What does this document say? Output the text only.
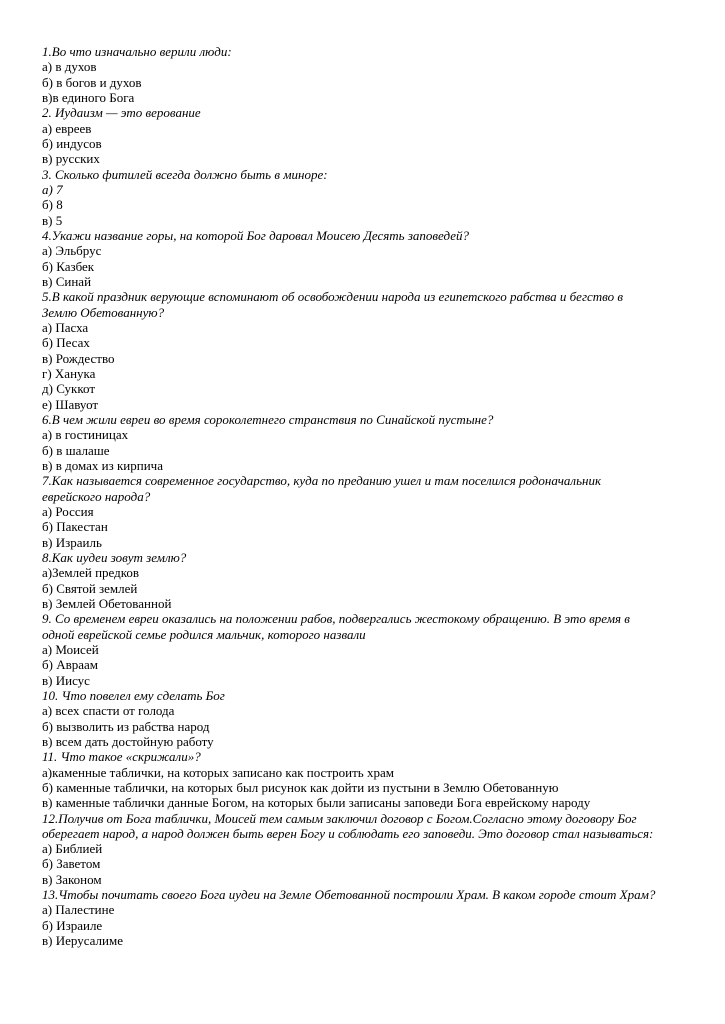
1.Во что изначально верили люди:
а) в духов
б) в богов и духов
в)в единого Бога
2. Иудаизм — это верование
а) евреев
б) индусов
в) русских
3. Сколько фитилей всегда должно быть в миноре:
а) 7
б) 8
в) 5
4.Укажи название горы, на которой Бог даровал Моисею Десять заповедей?
а) Эльбрус
б) Казбек
в) Синай
5.В какой праздник верующие вспоминают об освобождении народа из египетского рабства и бегство в
Землю Обетованную?
а) Пасха
б) Песах
в) Рождество
г) Ханука
д) Суккот
е) Шавуот
6.В чем жили евреи во время сороколетнего странствия по Синайской пустыне?
а) в гостиницах
б) в шалаше
в) в домах из кирпича
7.Как называется современное государство, куда по преданию ушел и там поселился родоначальник
еврейского народа?
а) Россия
б) Пакестан
в) Израиль
8.Как иудеи зовут землю?
а)Землей предков
б) Святой землей
в) Землей Обетованной
9. Со временем евреи оказались на положении рабов, подвергались жестокому обращению. В это время в
одной еврейской семье родился мальчик, которого назвали
а) Моисей
б) Авраам
в) Иисус
10. Что повелел ему сделать Бог
а) всех спасти от голода
б) вызволить из рабства народ
в) всем дать достойную работу
11. Что такое «скрижали»?
а)каменные таблички, на которых записано как построить храм
б) каменные таблички, на которых был рисунок как дойти из пустыни в Землю Обетованную
в) каменные таблички данные Богом, на которых были записаны заповеди Бога еврейскому народу
12.Получив от Бога таблички, Моисей тем самым заключил договор с Богом.Согласно этому договору Бог
оберегает народ, а народ должен быть верен Богу и соблюдать его заповеди. Это договор стал называться:
а) Библией
б) Заветом
в) Законом
13.Чтобы почитать своего Бога иудеи на Земле Обетованной построили Храм. В каком городе стоит Храм?
а) Палестине
б) Израиле
в) Иерусалиме
